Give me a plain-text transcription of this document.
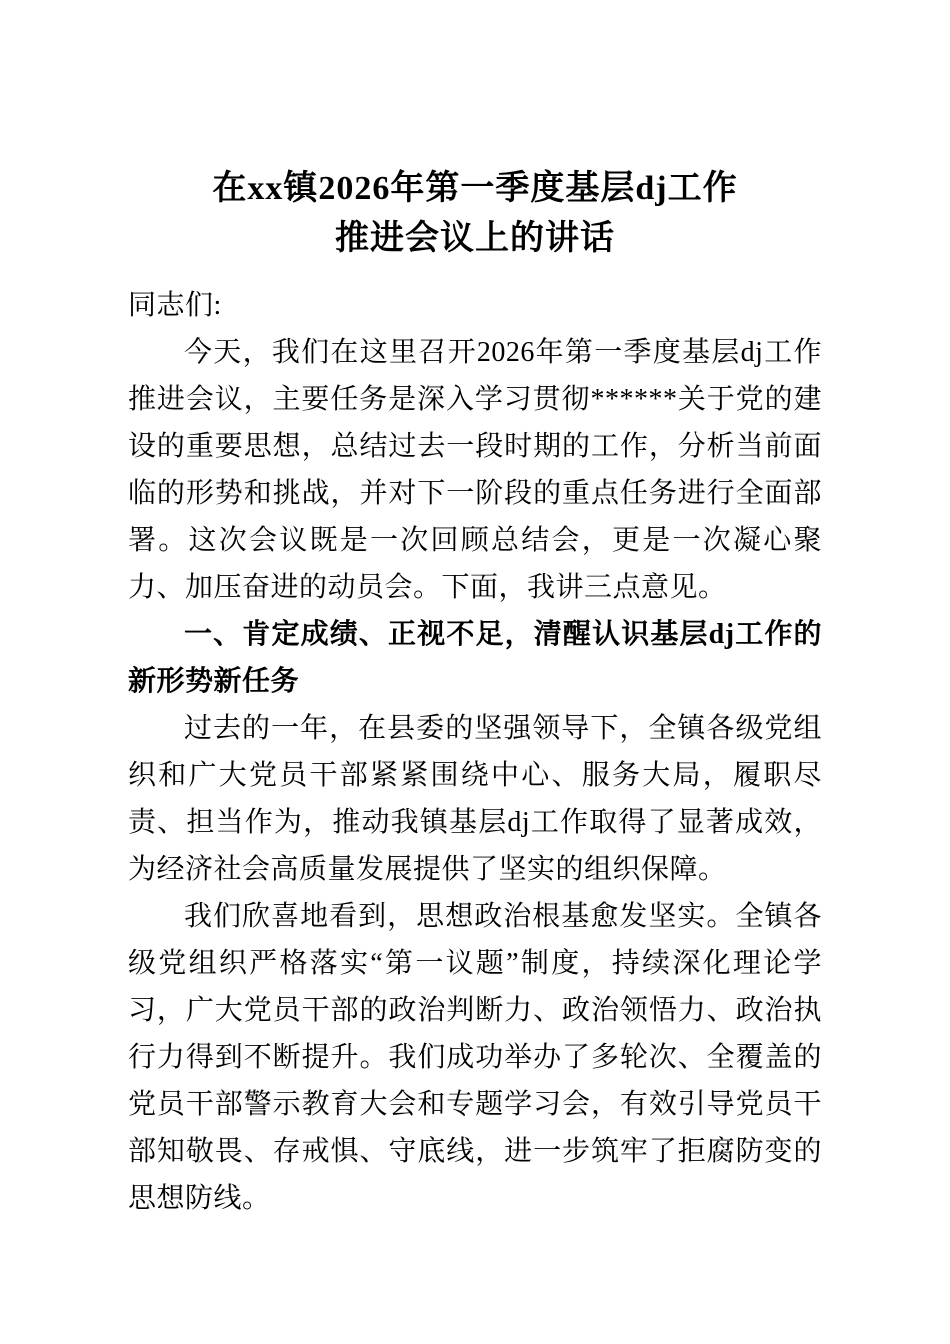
在xx镇2026年第一季度基层dj工作
推进会议上的讲话

同志们:

今天，我们在这里召开2026年第一季度基层dj工作推进会议，主要任务是深入学习贯彻******关于党的建设的重要思想，总结过去一段时期的工作，分析当前面临的形势和挑战，并对下一阶段的重点任务进行全面部署。这次会议既是一次回顾总结会，更是一次凝心聚力、加压奋进的动员会。下面，我讲三点意见。

一、肯定成绩、正视不足，清醒认识基层dj工作的新形势新任务

过去的一年，在县委的坚强领导下，全镇各级党组织和广大党员干部紧紧围绕中心、服务大局，履职尽责、担当作为，推动我镇基层dj工作取得了显著成效，为经济社会高质量发展提供了坚实的组织保障。

我们欣喜地看到，思想政治根基愈发坚实。全镇各级党组织严格落实“第一议题”制度，持续深化理论学习，广大党员干部的政治判断力、政治领悟力、政治执行力得到不断提升。我们成功举办了多轮次、全覆盖的党员干部警示教育大会和专题学习会，有效引导党员干部知敬畏、存戒惧、守底线，进一步筑牢了拒腐防变的思想防线。
